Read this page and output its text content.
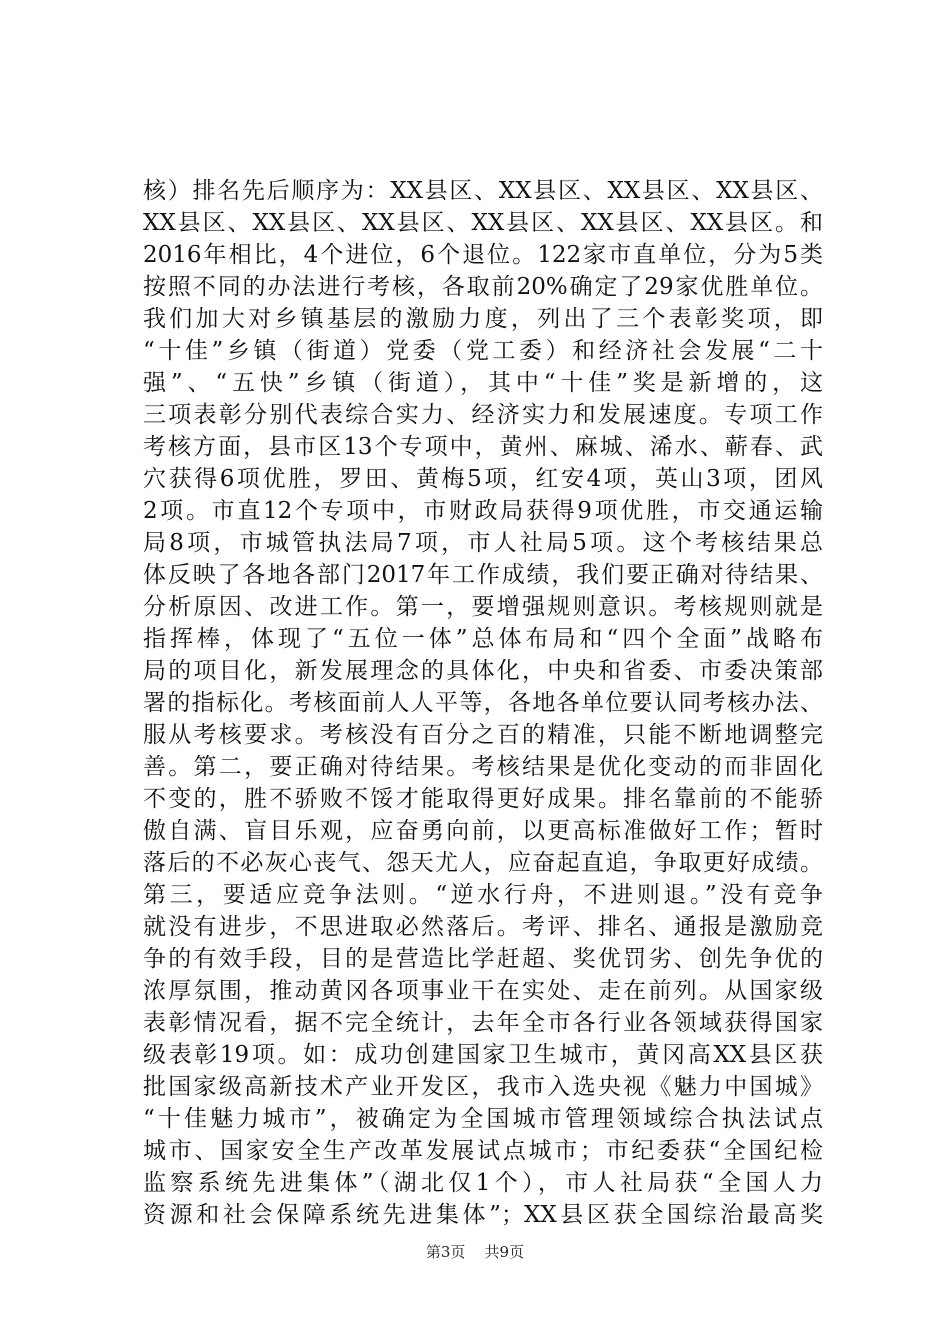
核）排名先后顺序为：XX县区、XX县区、XX县区、XX县区、
XX县区、XX县区、XX县区、XX县区、XX县区、XX县区。和
2016年相比，4个进位，6个退位。122家市直单位，分为5类
按照不同的办法进行考核，各取前20%确定了29家优胜单位。
我们加大对乡镇基层的激励力度，列出了三个表彰奖项，即
“十佳”乡镇（街道）党委（党工委）和经济社会发展“二十
强”、“五快”乡镇（街道），其中“十佳”奖是新增的，这
三项表彰分别代表综合实力、经济实力和发展速度。专项工作
考核方面，县市区13个专项中，黄州、麻城、浠水、蕲春、武
穴获得6项优胜，罗田、黄梅5项，红安4项，英山3项，团风
2项。市直12个专项中，市财政局获得9项优胜，市交通运输
局8项，市城管执法局7项，市人社局5项。这个考核结果总
体反映了各地各部门2017年工作成绩，我们要正确对待结果、
分析原因、改进工作。第一，要增强规则意识。考核规则就是
指挥棒，体现了“五位一体”总体布局和“四个全面”战略布
局的项目化，新发展理念的具体化，中央和省委、市委决策部
署的指标化。考核面前人人平等，各地各单位要认同考核办法、
服从考核要求。考核没有百分之百的精准，只能不断地调整完
善。第二，要正确对待结果。考核结果是优化变动的而非固化
不变的，胜不骄败不馁才能取得更好成果。排名靠前的不能骄
傲自满、盲目乐观，应奋勇向前，以更高标准做好工作；暂时
落后的不必灰心丧气、怨天尤人，应奋起直追，争取更好成绩。
第三，要适应竞争法则。“逆水行舟，不进则退。”没有竞争
就没有进步，不思进取必然落后。考评、排名、通报是激励竞
争的有效手段，目的是营造比学赶超、奖优罚劣、创先争优的
浓厚氛围，推动黄冈各项事业干在实处、走在前列。从国家级
表彰情况看，据不完全统计，去年全市各行业各领域获得国家
级表彰19项。如：成功创建国家卫生城市，黄冈高XX县区获
批国家级高新技术产业开发区，我市入选央视《魅力中国城》
“十佳魅力城市”，被确定为全国城市管理领域综合执法试点
城市、国家安全生产改革发展试点城市；市纪委获“全国纪检
监察系统先进集体”（湖北仅1个），市人社局获“全国人力
资源和社会保障系统先进集体”；XX县区获全国综治最高奖
第3页 共9页
